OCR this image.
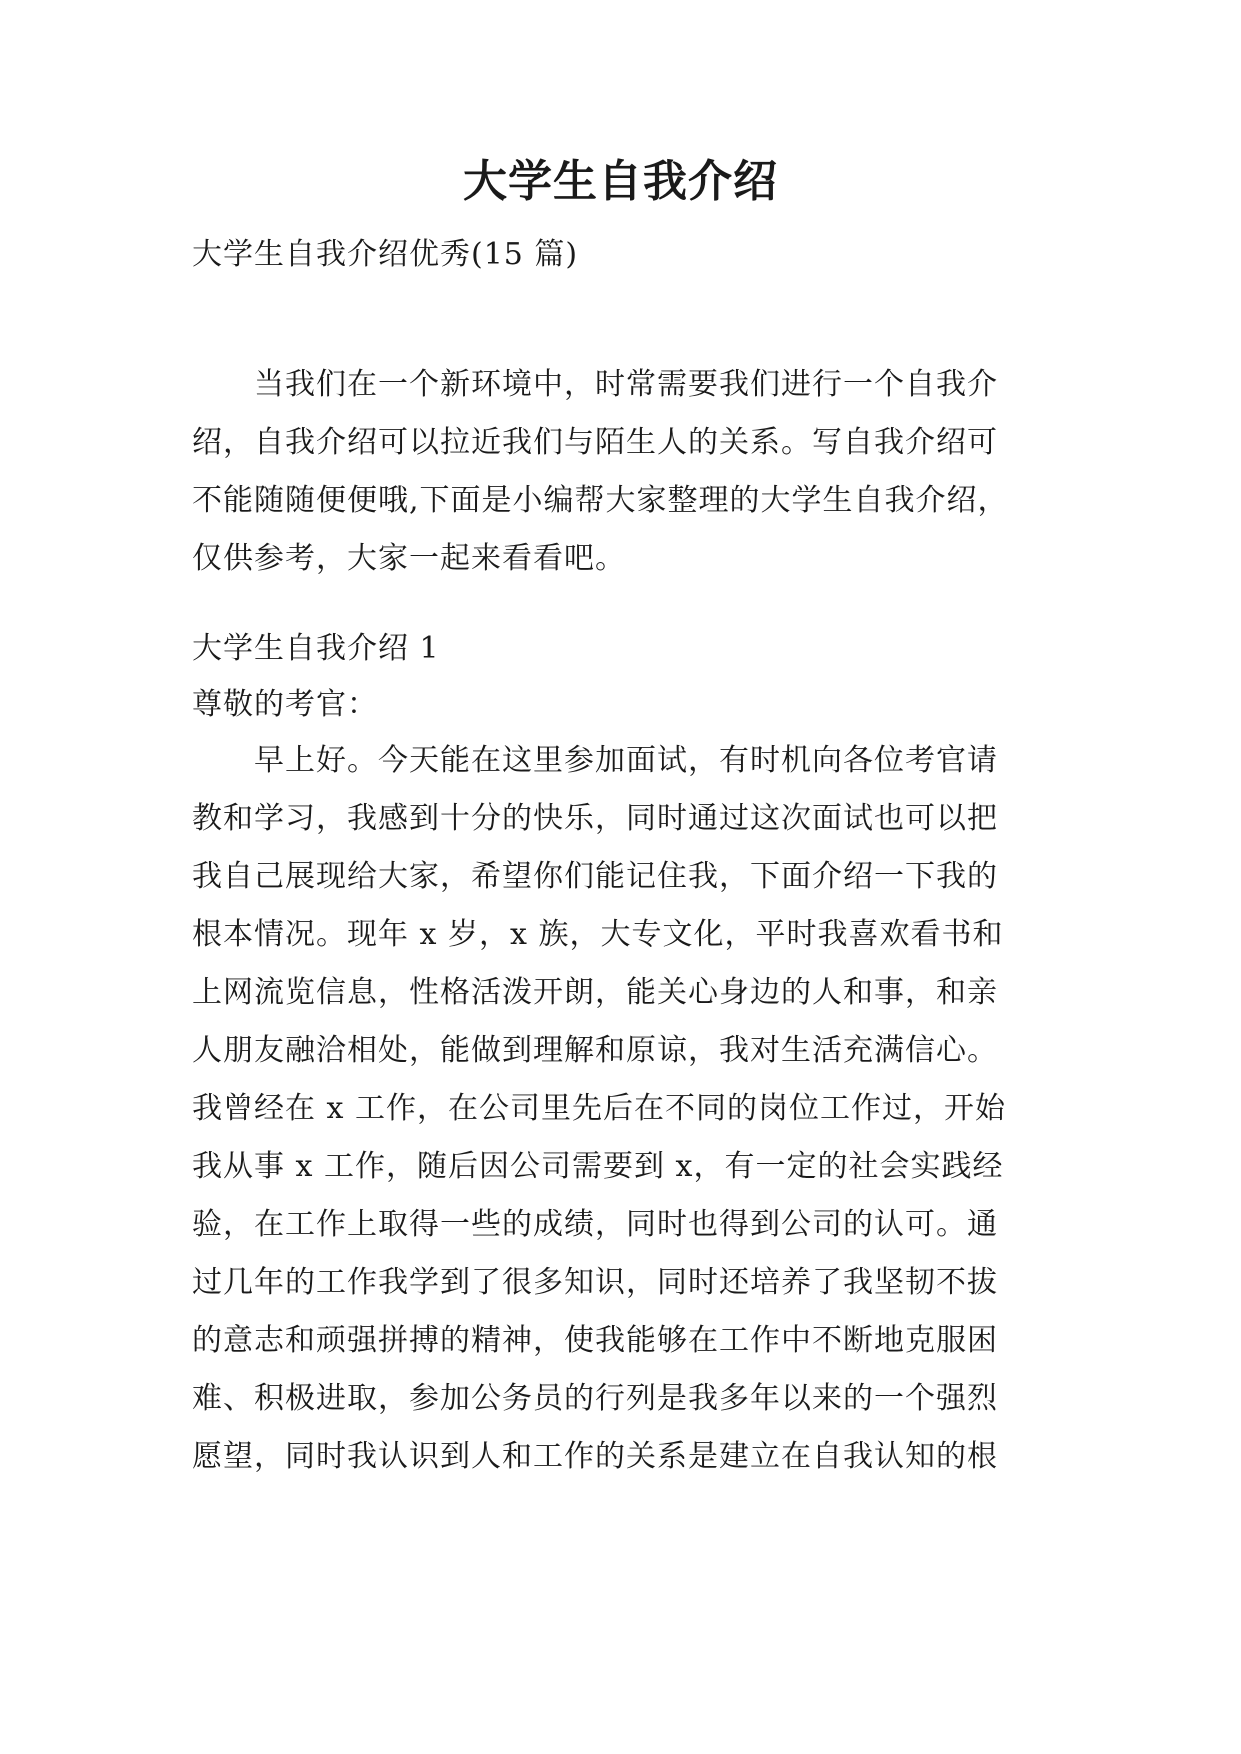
大学生自我介绍

大学生自我介绍优秀(15 篇)

当我们在一个新环境中，时常需要我们进行一个自我介

绍，自我介绍可以拉近我们与陌生人的关系。写自我介绍可

不能随随便便哦,下面是小编帮大家整理的大学生自我介绍，

仅供参考，大家一起来看看吧。

大学生自我介绍 1

尊敬的考官：

早上好。今天能在这里参加面试，有时机向各位考官请

教和学习，我感到十分的快乐，同时通过这次面试也可以把

我自己展现给大家，希望你们能记住我，下面介绍一下我的

根本情况。现年 x 岁，x 族，大专文化，平时我喜欢看书和

上网流览信息，性格活泼开朗，能关心身边的人和事，和亲

人朋友融洽相处，能做到理解和原谅，我对生活充满信心。

我曾经在 x 工作，在公司里先后在不同的岗位工作过，开始

我从事 x 工作，随后因公司需要到 x，有一定的社会实践经

验，在工作上取得一些的成绩，同时也得到公司的认可。通

过几年的工作我学到了很多知识，同时还培养了我坚韧不拔

的意志和顽强拼搏的精神，使我能够在工作中不断地克服困

难、积极进取，参加公务员的行列是我多年以来的一个强烈

愿望，同时我认识到人和工作的关系是建立在自我认知的根
